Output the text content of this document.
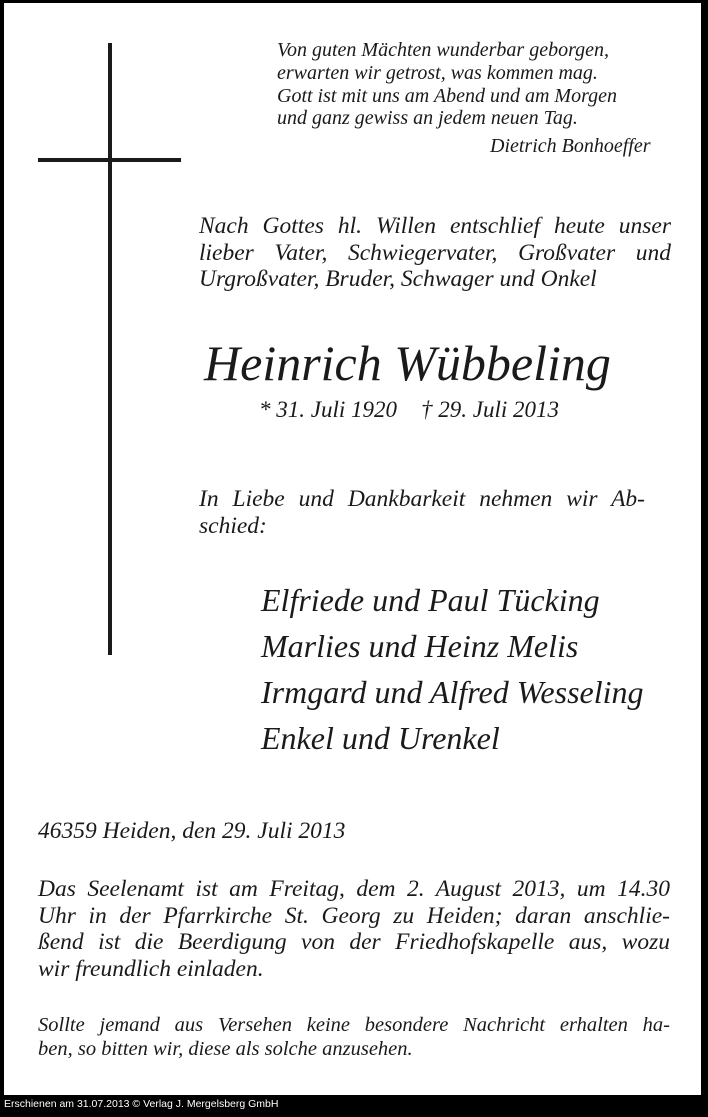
Von guten Mächten wunderbar geborgen,
erwarten wir getrost, was kommen mag.
Gott ist mit uns am Abend und am Morgen
und ganz gewiss an jedem neuen Tag.
Dietrich Bonhoeffer
Nach Gottes hl. Willen entschlief heute unser
lieber Vater, Schwiegervater, Großvater und
Urgroßvater, Bruder, Schwager und Onkel
Heinrich Wübbeling
* 31. Juli 1920 † 29. Juli 2013
In Liebe und Dankbarkeit nehmen wir Ab-
schied:
Elfriede und Paul Tücking
Marlies und Heinz Melis
Irmgard und Alfred Wesseling
Enkel und Urenkel
46359 Heiden, den 29. Juli 2013
Das Seelenamt ist am Freitag, dem 2. August 2013, um 14.30
Uhr in der Pfarrkirche St. Georg zu Heiden; daran anschlie-
ßend ist die Beerdigung von der Friedhofskapelle aus, wozu
wir freundlich einladen.
Sollte jemand aus Versehen keine besondere Nachricht erhalten ha-
ben, so bitten wir, diese als solche anzusehen.
Erschienen am 31.07.2013 © Verlag J. Mergelsberg GmbH
